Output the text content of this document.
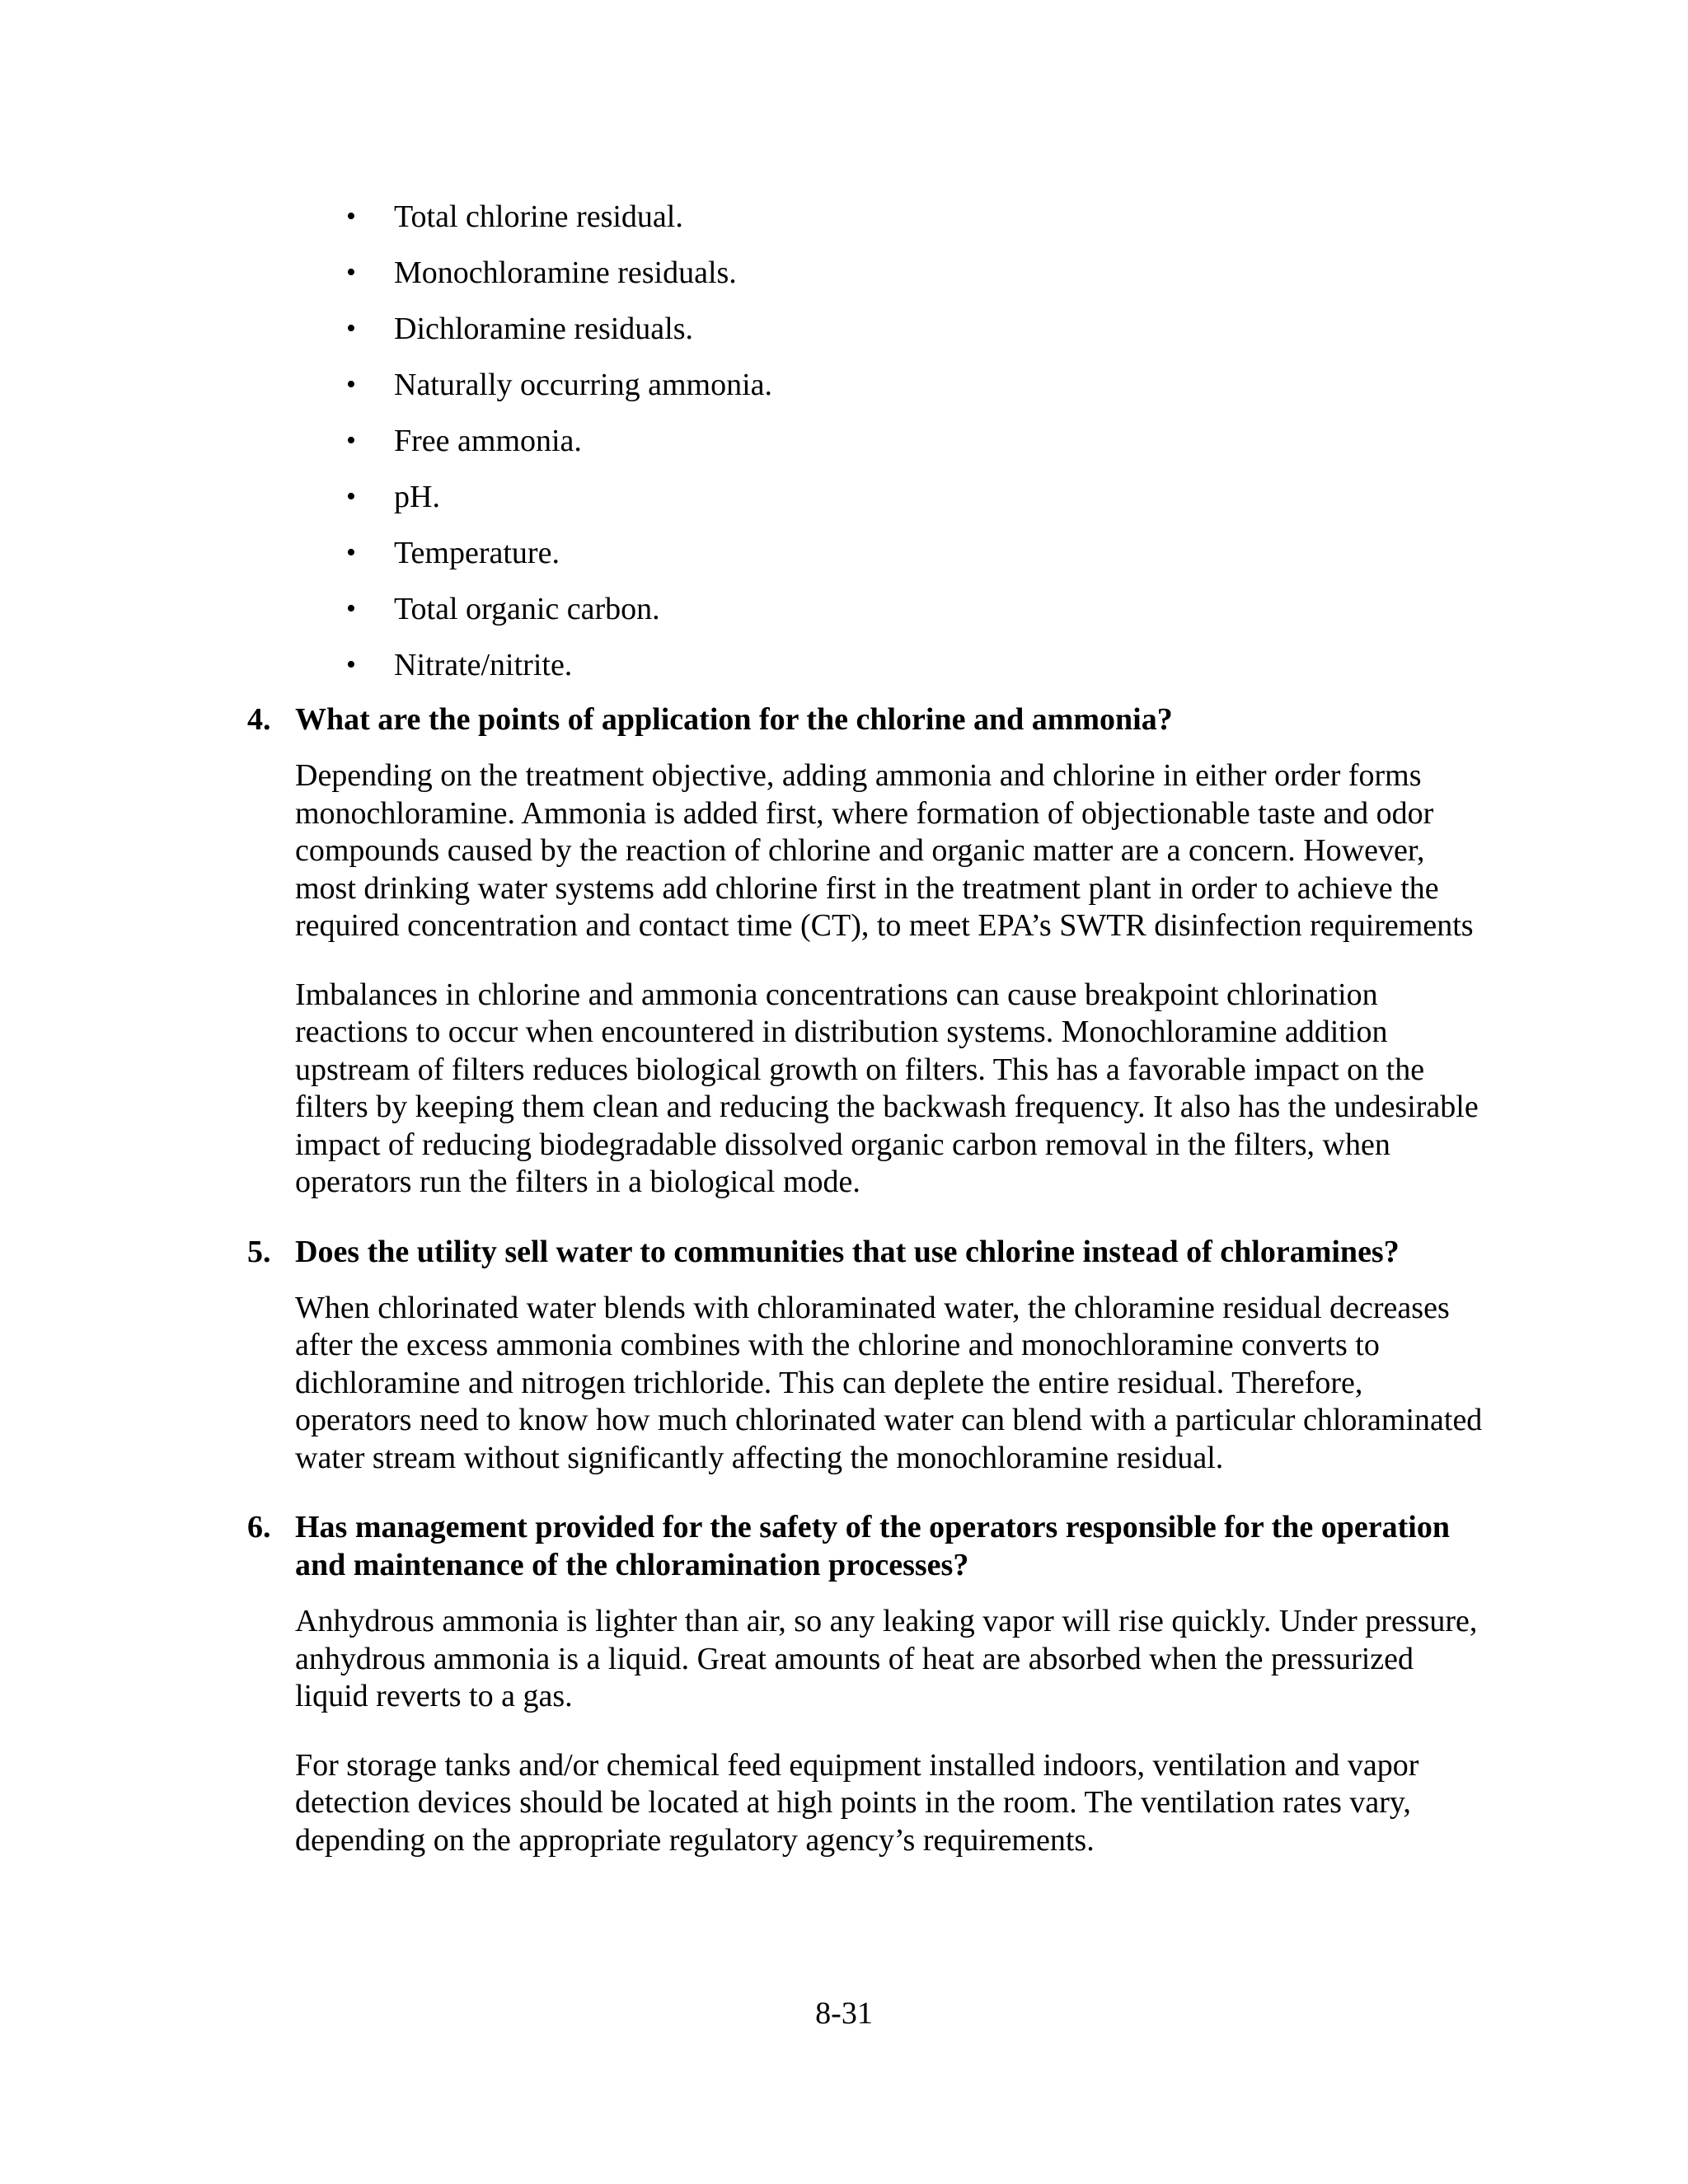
• Total chlorine residual.
• Monochloramine residuals.
• Dichloramine residuals.
• Naturally occurring ammonia.
• Free ammonia.
• pH.
• Temperature.
• Total organic carbon.
• Nitrate/nitrite.
4. What are the points of application for the chlorine and ammonia?

Depending on the treatment objective, adding ammonia and chlorine in either order forms monochloramine. Ammonia is added first, where formation of objectionable taste and odor compounds caused by the reaction of chlorine and organic matter are a concern. However, most drinking water systems add chlorine first in the treatment plant in order to achieve the required concentration and contact time (CT), to meet EPA’s SWTR disinfection requirements

Imbalances in chlorine and ammonia concentrations can cause breakpoint chlorination reactions to occur when encountered in distribution systems. Monochloramine addition upstream of filters reduces biological growth on filters. This has a favorable impact on the filters by keeping them clean and reducing the backwash frequency. It also has the undesirable impact of reducing biodegradable dissolved organic carbon removal in the filters, when operators run the filters in a biological mode.

5. Does the utility sell water to communities that use chlorine instead of chloramines?

When chlorinated water blends with chloraminated water, the chloramine residual decreases after the excess ammonia combines with the chlorine and monochloramine converts to dichloramine and nitrogen trichloride. This can deplete the entire residual. Therefore, operators need to know how much chlorinated water can blend with a particular chloraminated water stream without significantly affecting the monochloramine residual.

6. Has management provided for the safety of the operators responsible for the operation and maintenance of the chloramination processes?

Anhydrous ammonia is lighter than air, so any leaking vapor will rise quickly. Under pressure, anhydrous ammonia is a liquid. Great amounts of heat are absorbed when the pressurized liquid reverts to a gas.

For storage tanks and/or chemical feed equipment installed indoors, ventilation and vapor detection devices should be located at high points in the room. The ventilation rates vary, depending on the appropriate regulatory agency’s requirements.

8-31
